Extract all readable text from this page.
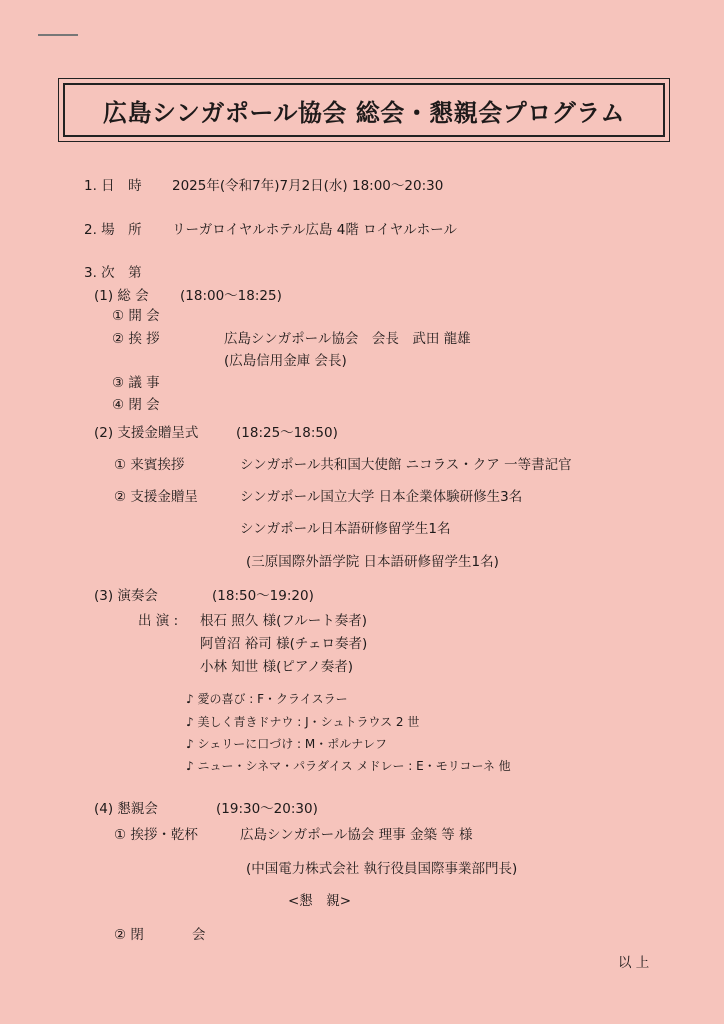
広島シンガポール協会 総会・懇親会プログラム
1. 日　時 2025年(令和7年)7月2日(水) 18:00〜20:30
2. 場　所 リーガロイヤルホテル広島 4階 ロイヤルホール
3. 次　第
(1) 総 会 (18:00〜18:25)
① 開 会
② 挨 拶	広島シンガポール協会　会長　武田 龍雄
(広島信用金庫 会長)
③ 議 事
④ 閉 会
(2) 支援金贈呈式	(18:25〜18:50)
① 来賓挨拶	シンガポール共和国大使館 ニコラス・クア 一等書記官
② 支援金贈呈	シンガポール国立大学 日本企業体験研修生3名
シンガポール日本語研修留学生1名
(三原国際外語学院 日本語研修留学生1名)
(3) 演奏会	(18:50〜19:20)
出 演 : 根石 照久 様(フルート奏者)
阿曽沼 裕司 様(チェロ奏者)
小林 知世 様(ピアノ奏者)
♪ 愛の喜び : F・クライスラー
♪ 美しく青きドナウ : J・シュトラウス 2 世
♪ シェリーに口づけ : M・ポルナレフ
♪ ニュー・シネマ・パラダイス メドレー : E・モリコーネ 他
(4) 懇親会	(19:30〜20:30)
① 挨拶・乾杯	広島シンガポール協会 理事 金築 等 様
(中国電力株式会社 執行役員国際事業部門長)
<懇　親>
② 閉	会
以 上
